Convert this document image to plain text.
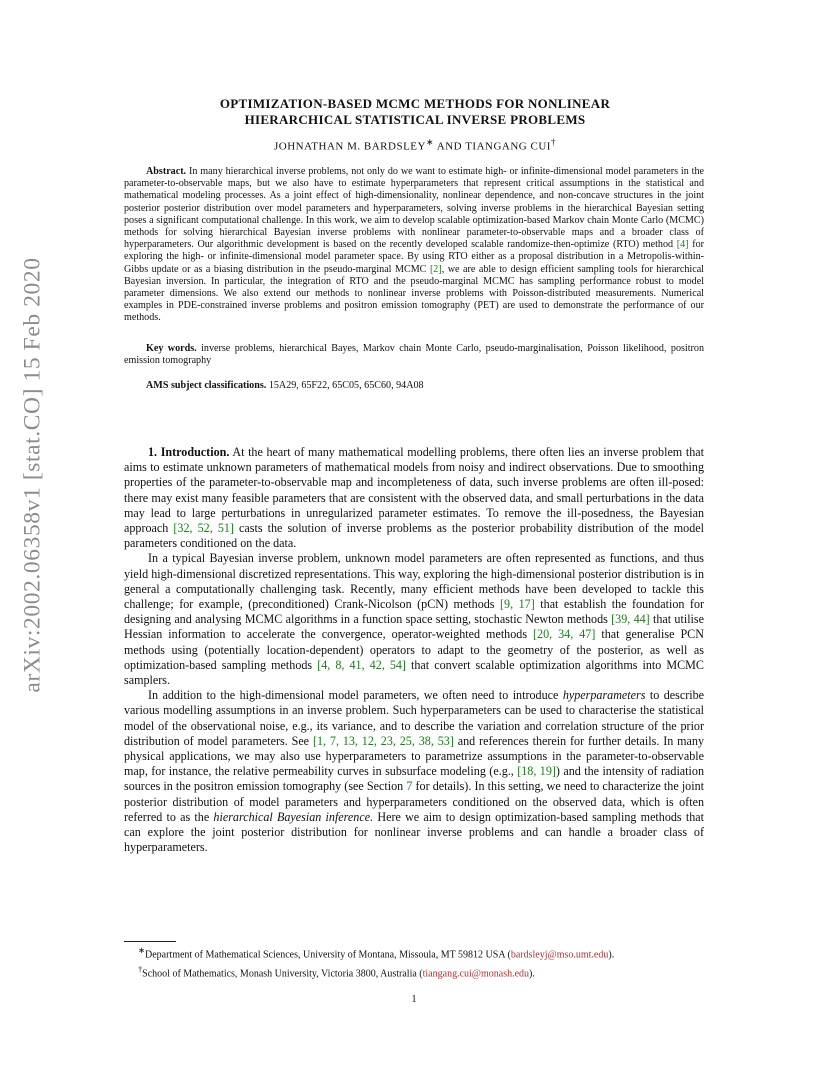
arXiv:2002.06358v1 [stat.CO] 15 Feb 2020
OPTIMIZATION-BASED MCMC METHODS FOR NONLINEAR
HIERARCHICAL STATISTICAL INVERSE PROBLEMS
JOHNATHAN M. BARDSLEY∗ AND TIANGANG CUI†

Abstract. In many hierarchical inverse problems, not only do we want to estimate high- or infinite-dimensional model parameters in the parameter-to-observable maps, but we also have to estimate hyperparameters that represent critical assumptions in the statistical and mathematical modeling processes. As a joint effect of high-dimensionality, nonlinear dependence, and non-concave structures in the joint posterior posterior distribution over model parameters and hyperparameters, solving inverse problems in the hierarchical Bayesian setting poses a significant computational challenge. In this work, we aim to develop scalable optimization-based Markov chain Monte Carlo (MCMC) methods for solving hierarchical Bayesian inverse problems with nonlinear parameter-to-observable maps and a broader class of hyperparameters. Our algorithmic development is based on the recently developed scalable randomize-then-optimize (RTO) method [4] for exploring the high- or infinite-dimensional model parameter space. By using RTO either as a proposal distribution in a Metropolis-within-Gibbs update or as a biasing distribution in the pseudo-marginal MCMC [2], we are able to design efficient sampling tools for hierarchical Bayesian inversion. In particular, the integration of RTO and the pseudo-marginal MCMC has sampling performance robust to model parameter dimensions. We also extend our methods to nonlinear inverse problems with Poisson-distributed measurements. Numerical examples in PDE-constrained inverse problems and positron emission tomography (PET) are used to demonstrate the performance of our methods.

Key words. inverse problems, hierarchical Bayes, Markov chain Monte Carlo, pseudo-marginalisation, Poisson likelihood, positron emission tomography

AMS subject classifications. 15A29, 65F22, 65C05, 65C60, 94A08

1. Introduction. At the heart of many mathematical modelling problems, there often lies an inverse problem that aims to estimate unknown parameters of mathematical models from noisy and indirect observations. Due to smoothing properties of the parameter-to-observable map and incompleteness of data, such inverse problems are often ill-posed: there may exist many feasible parameters that are consistent with the observed data, and small perturbations in the data may lead to large perturbations in unregularized parameter estimates. To remove the ill-posedness, the Bayesian approach [32, 52, 51] casts the solution of inverse problems as the posterior probability distribution of the model parameters conditioned on the data.

In a typical Bayesian inverse problem, unknown model parameters are often represented as functions, and thus yield high-dimensional discretized representations. This way, exploring the high-dimensional posterior distribution is in general a computationally challenging task. Recently, many efficient methods have been developed to tackle this challenge; for example, (preconditioned) Crank-Nicolson (pCN) methods [9, 17] that establish the foundation for designing and analysing MCMC algorithms in a function space setting, stochastic Newton methods [39, 44] that utilise Hessian information to accelerate the convergence, operator-weighted methods [20, 34, 47] that generalise PCN methods using (potentially location-dependent) operators to adapt to the geometry of the posterior, as well as optimization-based sampling methods [4, 8, 41, 42, 54] that convert scalable optimization algorithms into MCMC samplers.

In addition to the high-dimensional model parameters, we often need to introduce hyperparameters to describe various modelling assumptions in an inverse problem. Such hyperparameters can be used to characterise the statistical model of the observational noise, e.g., its variance, and to describe the variation and correlation structure of the prior distribution of model parameters. See [1, 7, 13, 12, 23, 25, 38, 53] and references therein for further details. In many physical applications, we may also use hyperparameters to parametrize assumptions in the parameter-to-observable map, for instance, the relative permeability curves in subsurface modeling (e.g., [18, 19]) and the intensity of radiation sources in the positron emission tomography (see Section 7 for details). In this setting, we need to characterize the joint posterior distribution of model parameters and hyperparameters conditioned on the observed data, which is often referred to as the hierarchical Bayesian inference. Here we aim to design optimization-based sampling methods that can explore the joint posterior distribution for nonlinear inverse problems and can handle a broader class of hyperparameters.

∗Department of Mathematical Sciences, University of Montana, Missoula, MT 59812 USA (bardsleyj@mso.umt.edu).

†School of Mathematics, Monash University, Victoria 3800, Australia (tiangang.cui@monash.edu).

1
